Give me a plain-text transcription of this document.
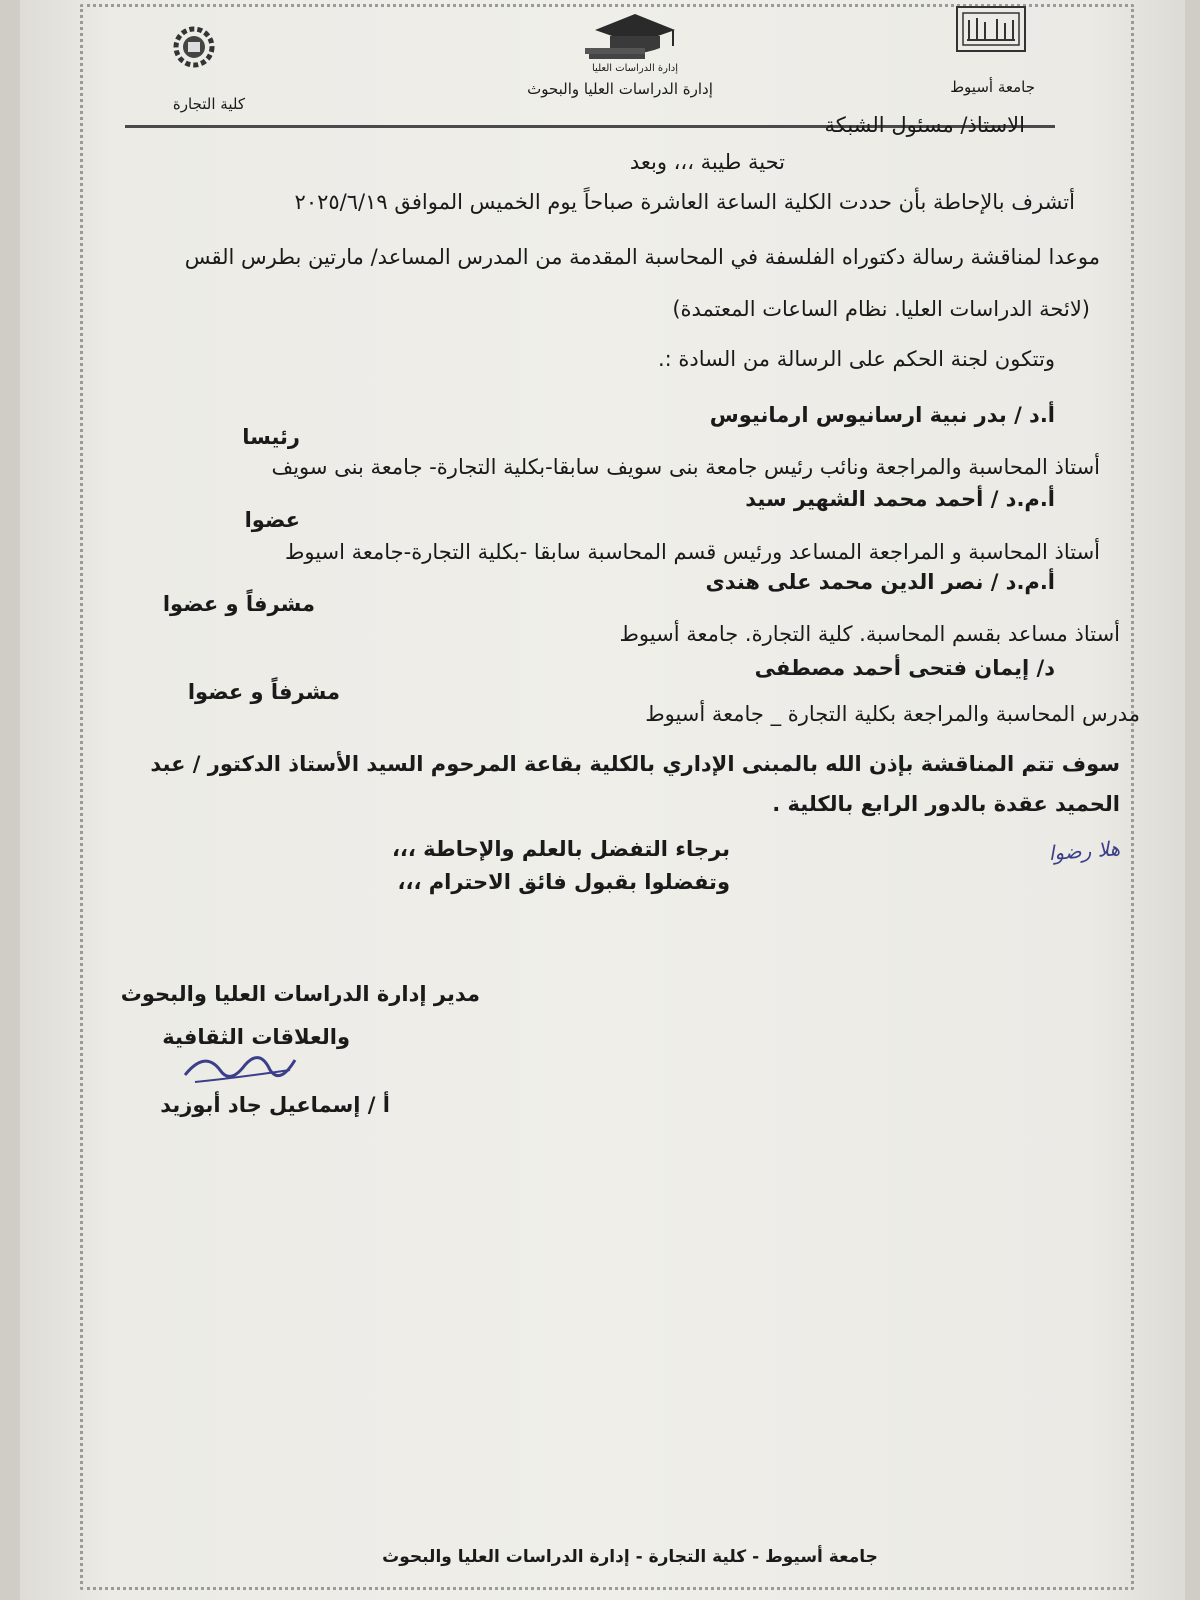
جامعة أسيوط
إدارة الدراسات العليا
إدارة الدراسات العليا والبحوث
كلية التجارة
الاستاذ/ مسئول الشبكة
تحية طيبة ،،، وبعد
أتشرف بالإحاطة بأن حددت الكلية الساعة العاشرة صباحاً يوم الخميس الموافق ٢٠٢٥/٦/١٩
موعدا لمناقشة رسالة دكتوراه الفلسفة في المحاسبة المقدمة من المدرس المساعد/ مارتين بطرس القس
(لائحة الدراسات العليا. نظام الساعات المعتمدة)
وتتكون لجنة الحكم على الرسالة من السادة :.
أ.د / بدر نبية ارسانيوس ارمانيوس
رئيسا
أستاذ المحاسبة والمراجعة ونائب رئيس جامعة بنى سويف سابقا-بكلية التجارة- جامعة بنى سويف
أ.م.د / أحمد محمد الشهير سيد
عضوا
أستاذ المحاسبة و المراجعة المساعد ورئيس قسم المحاسبة سابقا -بكلية التجارة-جامعة اسيوط
أ.م.د / نصر الدين محمد على هندى
مشرفاً و عضوا
أستاذ مساعد بقسم المحاسبة. كلية التجارة. جامعة أسيوط
د/ إيمان فتحى أحمد مصطفى
مشرفاً و عضوا
مدرس المحاسبة والمراجعة بكلية التجارة _ جامعة أسيوط
سوف تتم المناقشة بإذن الله بالمبنى الإداري بالكلية بقاعة المرحوم السيد الأستاذ الدكتور / عبد
الحميد عقدة بالدور الرابع بالكلية .
برجاء التفضل بالعلم والإحاطة ،،،
وتفضلوا بقبول فائق الاحترام ،،،
هلا رضوا
مدير إدارة الدراسات العليا والبحوث
والعلاقات الثقافية
أ / إسماعيل جاد أبوزيد
جامعة أسيوط - كلية التجارة - إدارة الدراسات العليا والبحوث
